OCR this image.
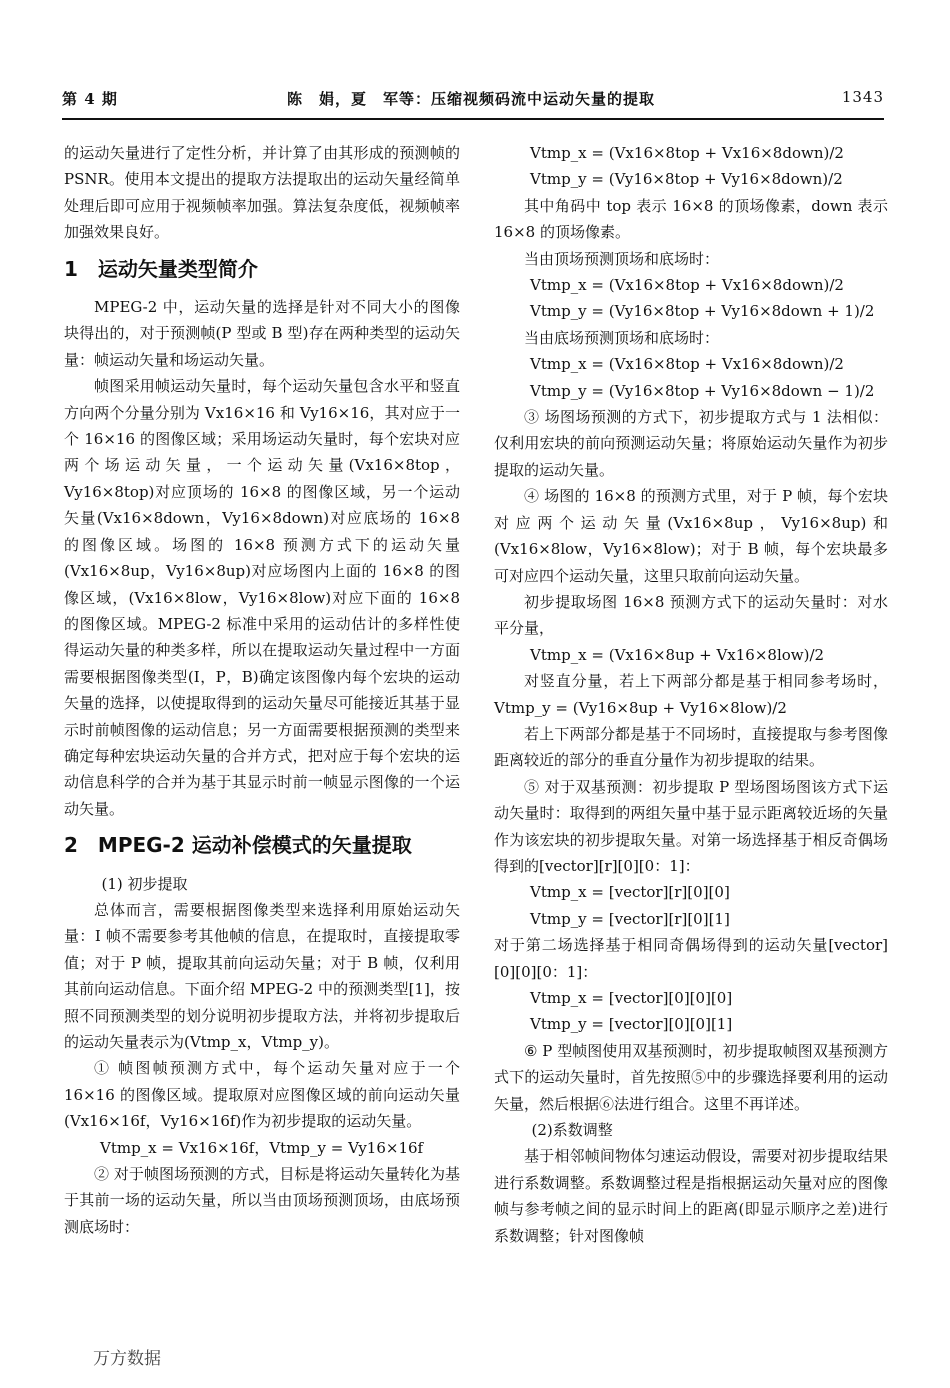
第 4 期	陈　娟，夏　军等：压缩视频码流中运动矢量的提取	1343

的运动矢量进行了定性分析，并计算了由其形成的预测帧的 PSNR。使用本文提出的提取方法提取出的运动矢量经简单处理后即可应用于视频帧率加强。算法复杂度低，视频帧率加强效果良好。

1　运动矢量类型简介

MPEG-2 中，运动矢量的选择是针对不同大小的图像块得出的，对于预测帧(P 型或 B 型)存在两种类型的运动矢量：帧运动矢量和场运动矢量。

帧图采用帧运动矢量时，每个运动矢量包含水平和竖直方向两个分量分别为 Vx16×16 和 Vy16×16，其对应于一个 16×16 的图像区域；采用场运动矢量时，每个宏块对应两个场运动矢量，一个运动矢量(Vx16×8top，Vy16×8top)对应顶场的 16×8 的图像区域，另一个运动矢量(Vx16×8down，Vy16×8down)对应底场的 16×8 的图像区域。场图的 16×8 预测方式下的运动矢量(Vx16×8up，Vy16×8up)对应场图内上面的 16×8 的图像区域，(Vx16×8low，Vy16×8low)对应下面的 16×8 的图像区域。MPEG-2 标准中采用的运动估计的多样性使得运动矢量的种类多样，所以在提取运动矢量过程中一方面需要根据图像类型(I，P，B)确定该图像内每个宏块的运动矢量的选择，以使提取得到的运动矢量尽可能接近其基于显示时前帧图像的运动信息；另一方面需要根据预测的类型来确定每种宏块运动矢量的合并方式，把对应于每个宏块的运动信息科学的合并为基于其显示时前一帧显示图像的一个运动矢量。

2　MPEG-2 运动补偿模式的矢量提取

(1) 初步提取

总体而言，需要根据图像类型来选择利用原始运动矢量：I 帧不需要参考其他帧的信息，在提取时，直接提取零值；对于 P 帧，提取其前向运动矢量；对于 B 帧，仅利用其前向运动信息。下面介绍 MPEG-2 中的预测类型[1]，按照不同预测类型的划分说明初步提取方法，并将初步提取后的运动矢量表示为(Vtmp_x，Vtmp_y)。

① 帧图帧预测方式中，每个运动矢量对应于一个 16×16 的图像区域。提取原对应图像区域的前向运动矢量(Vx16×16f，Vy16×16f)作为初步提取的运动矢量。

Vtmp_x = Vx16×16f，Vtmp_y = Vy16×16f

② 对于帧图场预测的方式，目标是将运动矢量转化为基于其前一场的运动矢量，所以当由顶场预测顶场，由底场预测底场时：

Vtmp_x = (Vx16×8top + Vx16×8down)/2

Vtmp_y = (Vy16×8top + Vy16×8down)/2

其中角码中 top 表示 16×8 的顶场像素，down 表示 16×8 的顶场像素。

当由顶场预测顶场和底场时：

Vtmp_x = (Vx16×8top + Vx16×8down)/2

Vtmp_y = (Vy16×8top + Vy16×8down + 1)/2

当由底场预测顶场和底场时：

Vtmp_x = (Vx16×8top + Vx16×8down)/2

Vtmp_y = (Vy16×8top + Vy16×8down − 1)/2

③ 场图场预测的方式下，初步提取方式与 1 法相似：仅利用宏块的前向预测运动矢量；将原始运动矢量作为初步提取的运动矢量。

④ 场图的 16×8 的预测方式里，对于 P 帧，每个宏块对应两个运动矢量(Vx16×8up，Vy16×8up)和(Vx16×8low，Vy16×8low)；对于 B 帧，每个宏块最多可对应四个运动矢量，这里只取前向运动矢量。

初步提取场图 16×8 预测方式下的运动矢量时：对水平分量，

Vtmp_x = (Vx16×8up + Vx16×8low)/2

对竖直分量，若上下两部分都是基于相同参考场时，Vtmp_y = (Vy16×8up + Vy16×8low)/2

若上下两部分都是基于不同场时，直接提取与参考图像距离较近的部分的垂直分量作为初步提取的结果。

⑤ 对于双基预测：初步提取 P 型场图场图该方式下运动矢量时：取得到的两组矢量中基于显示距离较近场的矢量作为该宏块的初步提取矢量。对第一场选择基于相反奇偶场得到的[vector][r][0][0：1]：

Vtmp_x = [vector][r][0][0]

Vtmp_y = [vector][r][0][1]

对于第二场选择基于相同奇偶场得到的运动矢量[vector][0][0][0：1]：

Vtmp_x = [vector][0][0][0]

Vtmp_y = [vector][0][0][1]

⑥ P 型帧图使用双基预测时，初步提取帧图双基预测方式下的运动矢量时，首先按照⑤中的步骤选择要利用的运动矢量，然后根据⑥法进行组合。这里不再详述。

(2)系数调整

基于相邻帧间物体匀速运动假设，需要对初步提取结果进行系数调整。系数调整过程是指根据运动矢量对应的图像帧与参考帧之间的显示时间上的距离(即显示顺序之差)进行系数调整；针对图像帧

万方数据
